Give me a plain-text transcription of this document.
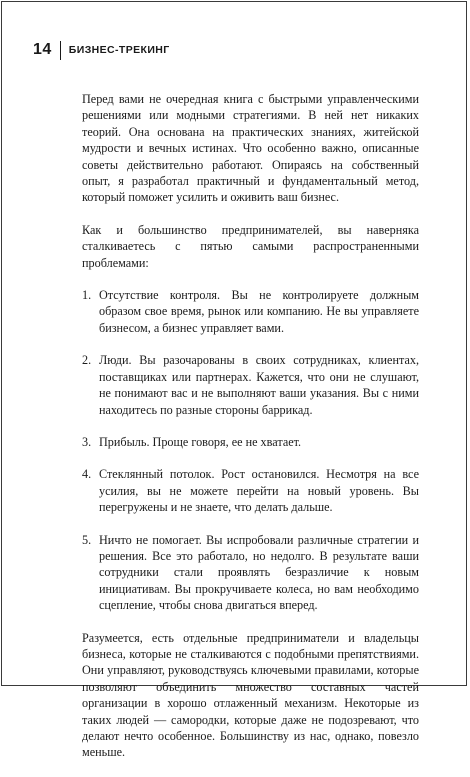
14 БИЗНЕС-ТРЕКИНГ

Перед вами не очередная книга с быстрыми управленческими решениями или модными стратегиями. В ней нет никаких теорий. Она основана на практических знаниях, житейской мудрости и вечных истинах. Что особенно важно, описанные советы действительно работают. Опираясь на собственный опыт, я разработал практичный и фундаментальный метод, который поможет усилить и оживить ваш бизнес.

Как и большинство предпринимателей, вы наверняка сталкиваетесь с пятью самыми распространенными проблемами:

1. Отсутствие контроля. Вы не контролируете должным образом свое время, рынок или компанию. Не вы управляете бизнесом, а бизнес управляет вами.
2. Люди. Вы разочарованы в своих сотрудниках, клиентах, поставщиках или партнерах. Кажется, что они не слушают, не понимают вас и не выполняют ваши указания. Вы с ними находитесь по разные стороны баррикад.
3. Прибыль. Проще говоря, ее не хватает.
4. Стеклянный потолок. Рост остановился. Несмотря на все усилия, вы не можете перейти на новый уровень. Вы перегружены и не знаете, что делать дальше.
5. Ничто не помогает. Вы испробовали различные стратегии и решения. Все это работало, но недолго. В результате ваши сотрудники стали проявлять безразличие к новым инициативам. Вы прокручиваете колеса, но вам необходимо сцепление, чтобы снова двигаться вперед.

Разумеется, есть отдельные предприниматели и владельцы бизнеса, которые не сталкиваются с подобными препятствиями. Они управляют, руководствуясь ключевыми правилами, которые позволяют объединить множество составных частей организации в хорошо отлаженный механизм. Некоторые из таких людей — самородки, которые даже не подозревают, что делают нечто особенное. Большинству из нас, однако, повезло меньше.
